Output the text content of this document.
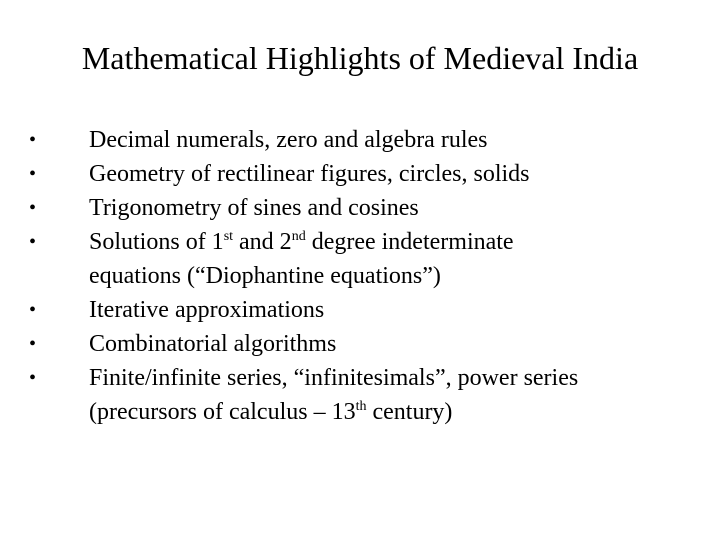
Mathematical Highlights of Medieval India
•	Decimal numerals, zero and algebra rules
•	Geometry of rectilinear figures, circles, solids
•	Trigonometry of sines and cosines
•	Solutions of 1st and 2nd degree indeterminate
equations (“Diophantine equations”)
•	Iterative approximations
•	Combinatorial algorithms
•	Finite/infinite series, “infinitesimals”, power series
(precursors of calculus – 13th century)
